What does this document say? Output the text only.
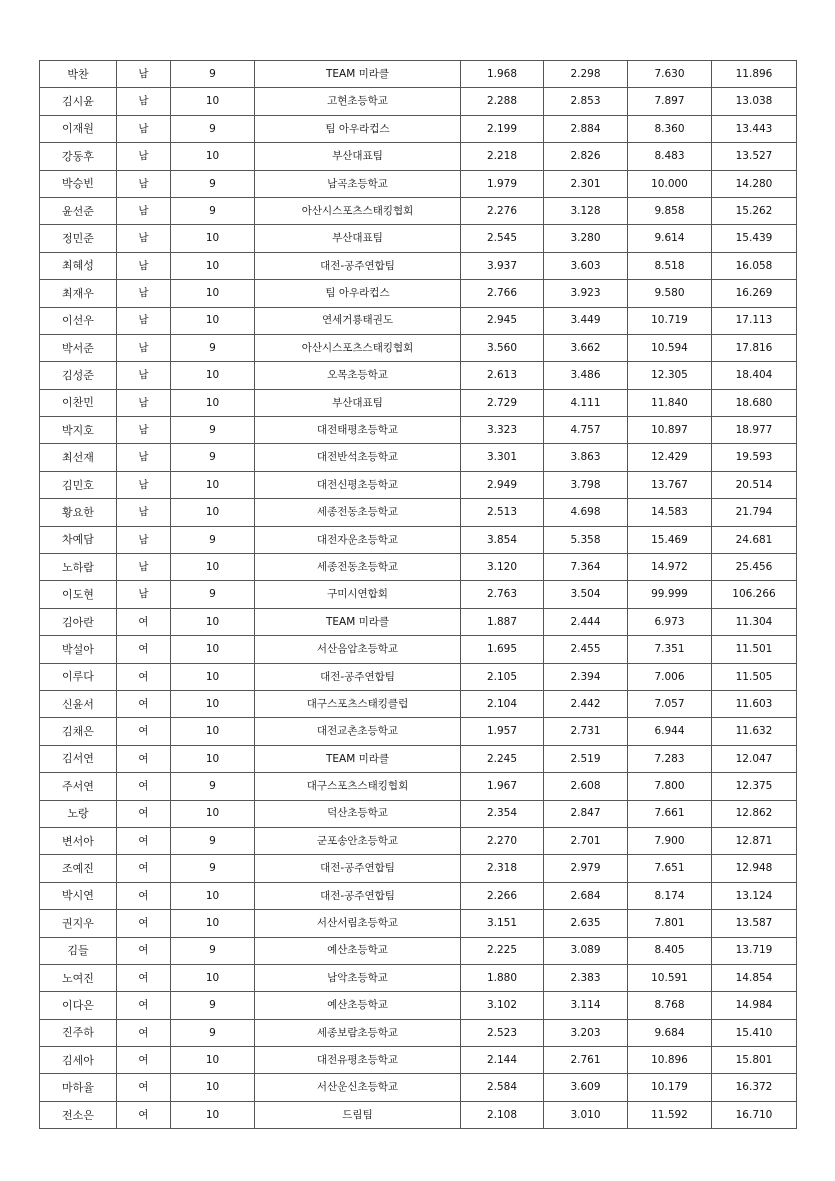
박찬	남	9	TEAM 미라클	1.968	2.298	7.630	11.896
김시윤	남	10	고현초등학교	2.288	2.853	7.897	13.038
이재원	남	9	팀 아우라컵스	2.199	2.884	8.360	13.443
강동후	남	10	부산대표팀	2.218	2.826	8.483	13.527
박승빈	남	9	남곡초등학교	1.979	2.301	10.000	14.280
윤선준	남	9	아산시스포츠스태킹협회	2.276	3.128	9.858	15.262
정민준	남	10	부산대표팀	2.545	3.280	9.614	15.439
최혜성	남	10	대전-공주연합팀	3.937	3.603	8.518	16.058
최재우	남	10	팀 아우라컵스	2.766	3.923	9.580	16.269
이선우	남	10	연세거룡태권도	2.945	3.449	10.719	17.113
박서준	남	9	아산시스포츠스태킹협회	3.560	3.662	10.594	17.816
김성준	남	10	오목초등학교	2.613	3.486	12.305	18.404
이찬민	남	10	부산대표팀	2.729	4.111	11.840	18.680
박지호	남	9	대전태평초등학교	3.323	4.757	10.897	18.977
최선재	남	9	대전반석초등학교	3.301	3.863	12.429	19.593
김민호	남	10	대전신평초등학교	2.949	3.798	13.767	20.514
황요한	남	10	세종전동초등학교	2.513	4.698	14.583	21.794
차예담	남	9	대전자운초등학교	3.854	5.358	15.469	24.681
노하람	남	10	세종전동초등학교	3.120	7.364	14.972	25.456
이도현	남	9	구미시연합회	2.763	3.504	99.999	106.266
김아란	여	10	TEAM 미라클	1.887	2.444	6.973	11.304
박설아	여	10	서산음암초등학교	1.695	2.455	7.351	11.501
이루다	여	10	대전-공주연합팀	2.105	2.394	7.006	11.505
신윤서	여	10	대구스포츠스태킹클럽	2.104	2.442	7.057	11.603
김채은	여	10	대전교촌초등학교	1.957	2.731	6.944	11.632
김서연	여	10	TEAM 미라클	2.245	2.519	7.283	12.047
주서연	여	9	대구스포츠스태킹협회	1.967	2.608	7.800	12.375
노랑	여	10	덕산초등학교	2.354	2.847	7.661	12.862
변서아	여	9	군포송안초등학교	2.270	2.701	7.900	12.871
조예진	여	9	대전-공주연합팀	2.318	2.979	7.651	12.948
박시연	여	10	대전-공주연합팀	2.266	2.684	8.174	13.124
권지우	여	10	서산서림초등학교	3.151	2.635	7.801	13.587
김들	여	9	예산초등학교	2.225	3.089	8.405	13.719
노여진	여	10	남악초등학교	1.880	2.383	10.591	14.854
이다은	여	9	예산초등학교	3.102	3.114	8.768	14.984
진주하	여	9	세종보람초등학교	2.523	3.203	9.684	15.410
김세아	여	10	대전유평초등학교	2.144	2.761	10.896	15.801
마하율	여	10	서산운신초등학교	2.584	3.609	10.179	16.372
전소은	여	10	드림팀	2.108	3.010	11.592	16.710
